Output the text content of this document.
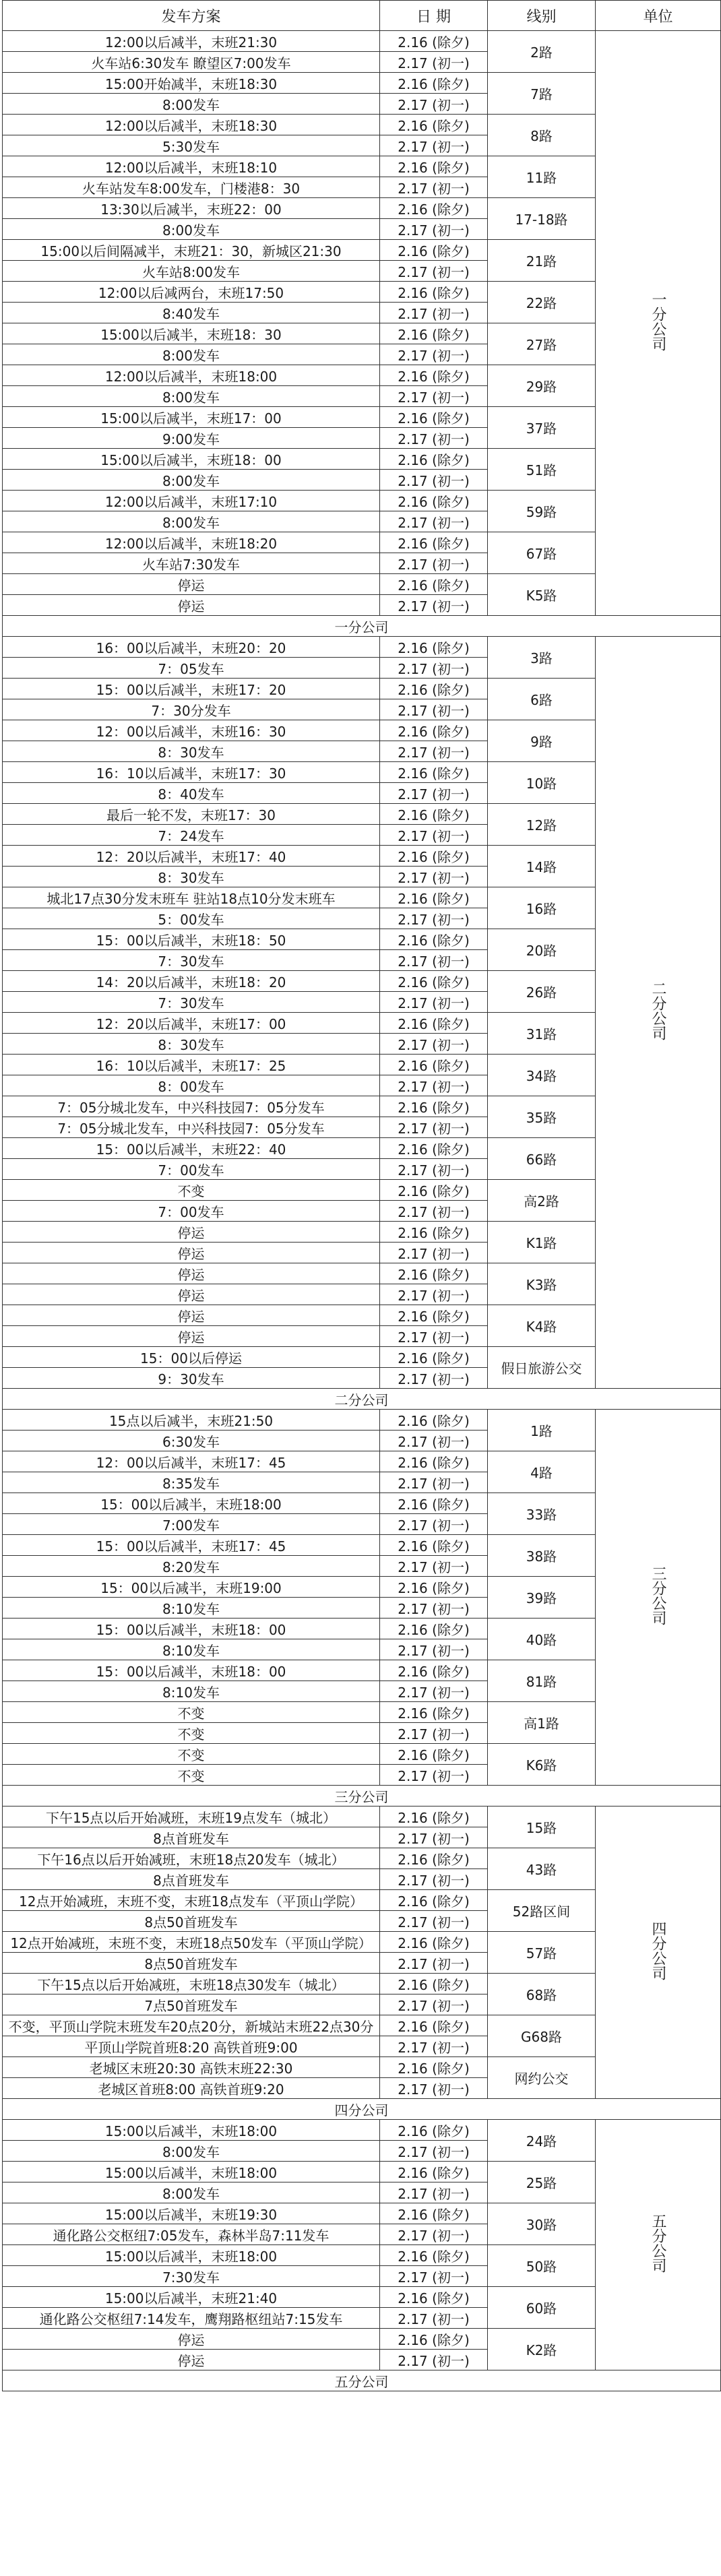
发车方案	日 期	线别	单位
12:00以后减半，末班21:30	2.16 (除夕)	2路	一分公司
火车站6:30发车 瞭望区7:00发车	2.17 (初一)		
15:00开始减半，末班18:30	2.16 (除夕)	7路	
8:00发车	2.17 (初一)		
12:00以后减半，末班18:30	2.16 (除夕)	8路	
5:30发车	2.17 (初一)		
12:00以后减半，末班18:10	2.16 (除夕)	11路	
火车站发车8:00发车，门楼港8：30	2.17 (初一)		
13:30以后减半，末班22：00	2.16 (除夕)	17-18路	
8:00发车	2.17 (初一)		
15:00以后间隔减半，末班21：30，新城区21:30	2.16 (除夕)	21路	
火车站8:00发车	2.17 (初一)		
12:00以后减两台，末班17:50	2.16 (除夕)	22路	
8:40发车	2.17 (初一)		
15:00以后减半，末班18：30	2.16 (除夕)	27路	
8:00发车	2.17 (初一)		
12:00以后减半，末班18:00	2.16 (除夕)	29路	
8:00发车	2.17 (初一)		
15:00以后减半，末班17：00	2.16 (除夕)	37路	
9:00发车	2.17 (初一)		
15:00以后减半，末班18：00	2.16 (除夕)	51路	
8:00发车	2.17 (初一)		
12:00以后减半，末班17:10	2.16 (除夕)	59路	
8:00发车	2.17 (初一)		
12:00以后减半，末班18:20	2.16 (除夕)	67路	
火车站7:30发车	2.17 (初一)		
停运	2.16 (除夕)	K5路	
停运	2.17 (初一)		
一分公司			
16：00以后减半，末班20：20	2.16 (除夕)	3路	二分公司
7：05发车	2.17 (初一)		
15：00以后减半，末班17：20	2.16 (除夕)	6路	
7：30分发车	2.17 (初一)		
12：00以后减半，末班16：30	2.16 (除夕)	9路	
8：30发车	2.17 (初一)		
16：10以后减半，末班17：30	2.16 (除夕)	10路	
8：40发车	2.17 (初一)		
最后一轮不发，末班17：30	2.16 (除夕)	12路	
7：24发车	2.17 (初一)		
12：20以后减半，末班17：40	2.16 (除夕)	14路	
8：30发车	2.17 (初一)		
城北17点30分发末班车 驻站18点10分发末班车	2.16 (除夕)	16路	
5：00发车	2.17 (初一)		
15：00以后减半，末班18：50	2.16 (除夕)	20路	
7：30发车	2.17 (初一)		
14：20以后减半，末班18：20	2.16 (除夕)	26路	
7：30发车	2.17 (初一)		
12：20以后减半，末班17：00	2.16 (除夕)	31路	
8：30发车	2.17 (初一)		
16：10以后减半，末班17：25	2.16 (除夕)	34路	
8：00发车	2.17 (初一)		
7：05分城北发车，中兴科技园7：05分发车	2.16 (除夕)	35路	
7：05分城北发车，中兴科技园7：05分发车	2.17 (初一)		
15：00以后减半，末班22：40	2.16 (除夕)	66路	
7：00发车	2.17 (初一)		
不变	2.16 (除夕)	高2路	
7：00发车	2.17 (初一)		
停运	2.16 (除夕)	K1路	
停运	2.17 (初一)		
停运	2.16 (除夕)	K3路	
停运	2.17 (初一)		
停运	2.16 (除夕)	K4路	
停运	2.17 (初一)		
15：00以后停运	2.16 (除夕)	假日旅游公交	
9：30发车	2.17 (初一)		
二分公司			
15点以后减半，末班21:50	2.16 (除夕)	1路	三分公司
6:30发车	2.17 (初一)		
12：00以后减半，末班17：45	2.16 (除夕)	4路	
8:35发车	2.17 (初一)		
15：00以后减半，末班18:00	2.16 (除夕)	33路	
7:00发车	2.17 (初一)		
15：00以后减半，末班17：45	2.16 (除夕)	38路	
8:20发车	2.17 (初一)		
15：00以后减半，末班19:00	2.16 (除夕)	39路	
8:10发车	2.17 (初一)		
15：00以后减半，末班18：00	2.16 (除夕)	40路	
8:10发车	2.17 (初一)		
15：00以后减半，末班18：00	2.16 (除夕)	81路	
8:10发车	2.17 (初一)		
不变	2.16 (除夕)	高1路	
不变	2.17 (初一)		
不变	2.16 (除夕)	K6路	
不变	2.17 (初一)		
三分公司			
下午15点以后开始减班，末班19点发车（城北）	2.16 (除夕)	15路	四分公司
8点首班发车	2.17 (初一)		
下午16点以后开始减班，末班18点20发车（城北）	2.16 (除夕)	43路	
8点首班发车	2.17 (初一)		
12点开始减班，末班不变，末班18点发车（平顶山学院）	2.16 (除夕)	52路区间	
8点50首班发车	2.17 (初一)		
12点开始减班，末班不变，末班18点50发车（平顶山学院）	2.16 (除夕)	57路	
8点50首班发车	2.17 (初一)		
下午15点以后开始减班，末班18点30发车（城北）	2.16 (除夕)	68路	
7点50首班发车	2.17 (初一)		
不变，平顶山学院末班发车20点20分，新城站末班22点30分	2.16 (除夕)	G68路	
平顶山学院首班8:20 高铁首班9:00	2.17 (初一)		
老城区末班20:30 高铁末班22:30	2.16 (除夕)	网约公交	
老城区首班8:00 高铁首班9:20	2.17 (初一)		
四分公司			
15:00以后减半，末班18:00	2.16 (除夕)	24路	五分公司
8:00发车	2.17 (初一)		
15:00以后减半，末班18:00	2.16 (除夕)	25路	
8:00发车	2.17 (初一)		
15:00以后减半，末班19:30	2.16 (除夕)	30路	
通化路公交枢纽7:05发车，森林半岛7:11发车	2.17 (初一)		
15:00以后减半，末班18:00	2.16 (除夕)	50路	
7:30发车	2.17 (初一)		
15:00以后减半，末班21:40	2.16 (除夕)	60路	
通化路公交枢纽7:14发车，鹰翔路枢纽站7:15发车	2.17 (初一)		
停运	2.16 (除夕)	K2路	
停运	2.17 (初一)		
五分公司			
